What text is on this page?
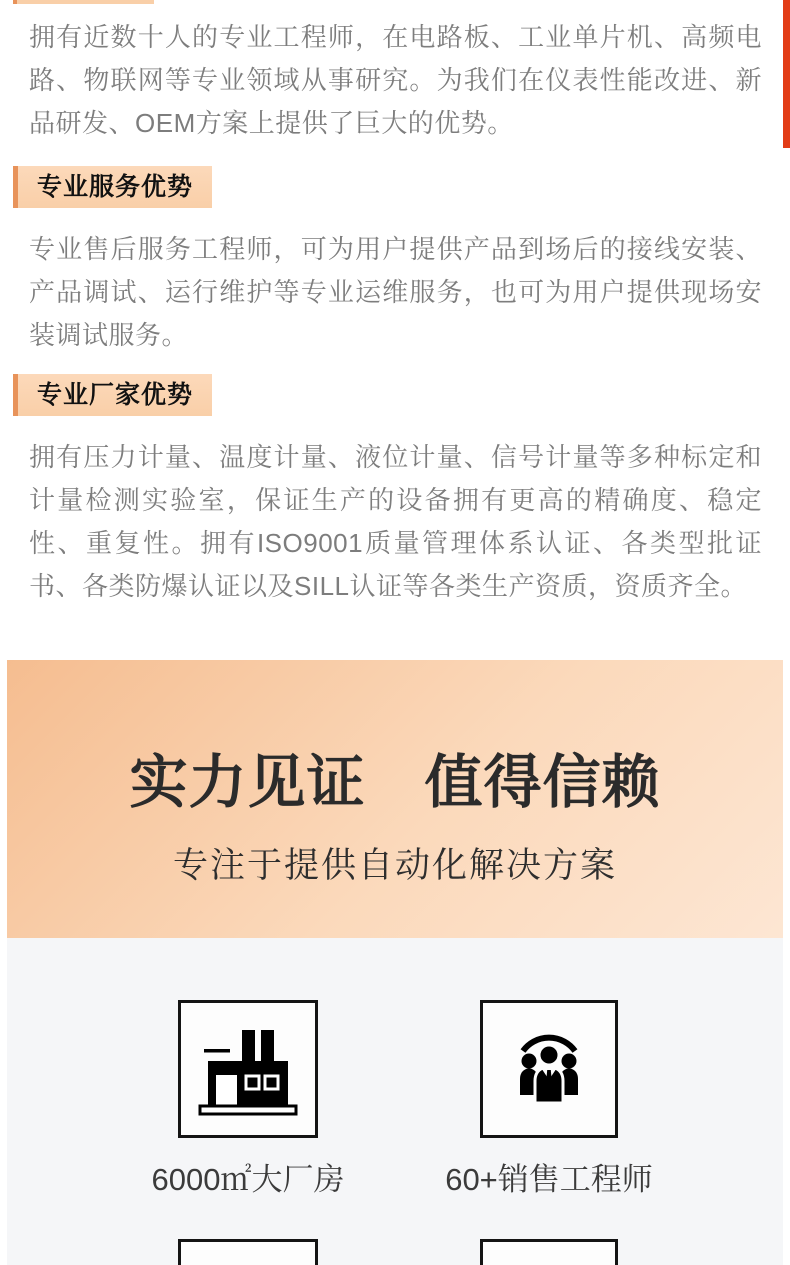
拥有近数十人的专业工程师，在电路板、工业单片机、高频电路、物联网等专业领域从事研究。为我们在仪表性能改进、新品研发、OEM方案上提供了巨大的优势。
专业服务优势
专业售后服务工程师，可为用户提供产品到场后的接线安装、产品调试、运行维护等专业运维服务，也可为用户提供现场安装调试服务。
专业厂家优势
拥有压力计量、温度计量、液位计量、信号计量等多种标定和计量检测实验室，保证生产的设备拥有更高的精确度、稳定性、重复性。拥有ISO9001质量管理体系认证、各类型批证书、各类防爆认证以及SILL认证等各类生产资质，资质齐全。
实力见证　值得信赖
专注于提供自动化解决方案
6000㎡大厂房	60+销售工程师
